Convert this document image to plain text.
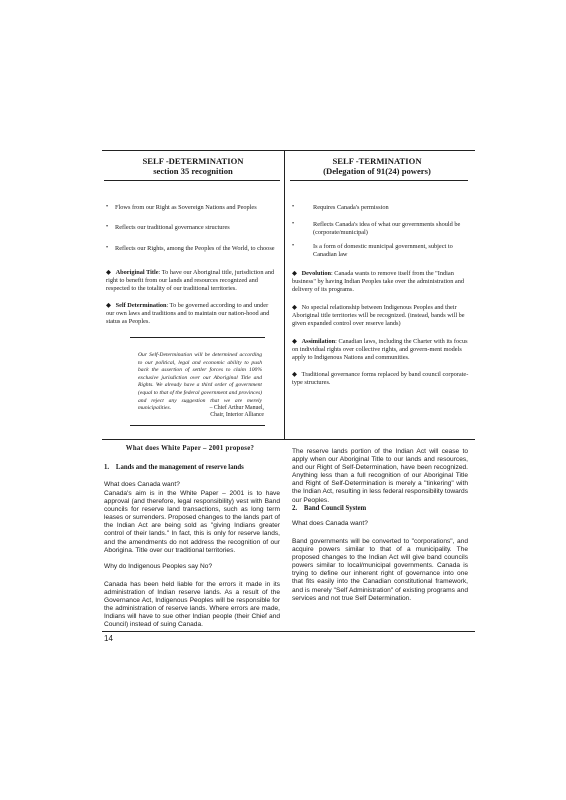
SELF -DETERMINATION
section 35 recognition
SELF -TERMINATION
(Delegation of 91(24) powers)
• Flows from our Right as Sovereign Nations and Peoples
• Reflects our traditional governance structures
• Reflects our Rights, among the Peoples of the World, to choose
◆ Aboriginal Title: To have our Aboriginal title, jurisdiction and right to benefit from our lands and resources recognized and respected to the totality of our traditional territories.
◆ Self Determination: To be governed according to and under our own laws and traditions and to maintain our nation-hood and status as Peoples.
Our Self-Determination will be determined according to our political, legal and economic ability to push back the assertion of settler forces to claim 100% exclusive jurisdiction over our Aboriginal Title and Rights. We already have a third order of government (equal to that of the federal government and provinces) and reject any suggestion that we are merely municipalities.	– Chief Arthur Manuel,
Chair, Interior Alliance
•	Requires Canada's permission
•	Reflects Canada's idea of what our governments should be (corporate/municipal)
•	Is a form of domestic municipal government, subject to Canadian law
◆ Devolution: Canada wants to remove itself from the "Indian business" by having Indian Peoples take over the administration and delivery of its programs.
◆ No special relationship between Indigenous Peoples and their Aboriginal title territories will be recognized. (instead, bands will be given expanded control over reserve lands)
◆ Assimilation: Canadian laws, including the Charter with its focus on individual rights over collective rights, and govern-ment models apply to Indigenous Nations and communities.
◆ Traditional governance forms replaced by band council corporate-type structures.
What does White Paper – 2001 propose?
1. Lands and the management of reserve lands
What does Canada want?
Canada's aim is in the White Paper – 2001 is to have approval (and therefore, legal responsibility) vest with Band councils for reserve land transactions, such as long term leases or surrenders. Proposed changes to the lands part of the Indian Act are being sold as "giving Indians greater control of their lands." In fact, this is only for reserve lands, and the amendments do not address the recognition of our Aborigina. Title over our traditional territories.
Why do Indigenous Peoples say No?
Canada has been held liable for the errors it made in its administration of Indian reserve lands. As a result of the Governance Act, Indigenous Peoples will be responsible for the administration of reserve lands. Where errors are made, Indians will have to sue other Indian people (their Chief and Council) instead of suing Canada.
The reserve lands portion of the Indian Act will cease to apply when our Aboriginal Title to our lands and resources, and our Right of Self-Determination, have been recognized. Anything less than a full recognition of our Aboriginal Title and Right of Self-Determination is merely a "tinkering" with the Indian Act, resulting in less federal responsibility towards our Peoples.
2. Band Council System
What does Canada want?
Band governments will be converted to "corporations", and acquire powers similar to that of a municipality. The proposed changes to the Indian Act will give band councils powers similar to local/municipal governments. Canada is trying to define our inherent right of governance into one that fits easily into the Canadian constitutional framework, and is merely "Self Administration" of existing programs and services and not true Self Determination.
14
